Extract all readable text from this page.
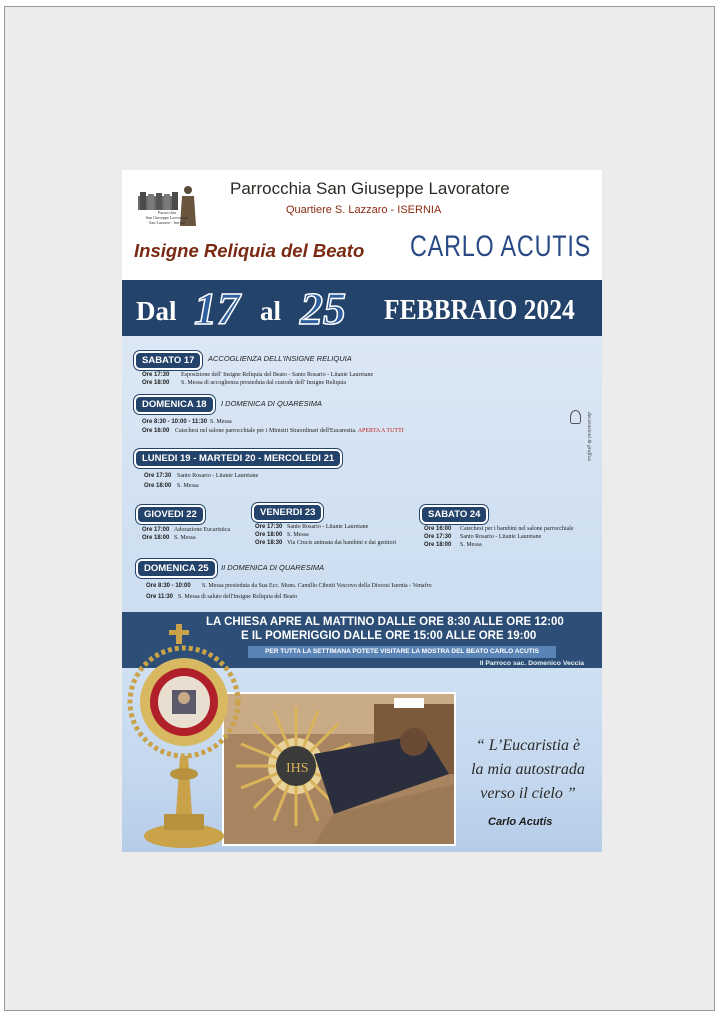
Parrocchia
San Giuseppe Lavoratore
San Lazzaro - Isernia
Parrocchia San Giuseppe Lavoratore
Quartiere S. Lazzaro - ISERNIA
Insigne Reliquia del Beato CARLO ACUTIS
Dal 17 al 25 FEBBRAIO 2024
SABATO 17	ACCOGLIENZA DELL'INSIGNE RELIQUIA
Ore 17:30 Esposizione dell' Insigne Reliquia del Beato - Santo Rosario - Litanie Lauretane
Ore 18:00 S. Messa di accoglienza presieduta dal custode dell' Insigne Reliquia
DOMENICA 18	I DOMENICA DI QUARESIMA
Ore 8:30 - 10:00 - 11:30 S. Messa
Ore 16:00 Catechesi nel salone parrocchiale per i Ministri Straordinari dell'Eucarestia. APERTA A TUTTI
LUNEDI 19 - MARTEDI 20 - MERCOLEDI 21
Ore 17:30 Santo Rosario - Litanie Lauretane
Ore 18:00 S. Messa
GIOVEDI 22
Ore 17:00 Adorazione Eucaristica
Ore 18:00 S. Messa
VENERDI 23
Ore 17:30 Santo Rosario - Litanie Lauretane
Ore 18:00 S. Messa
Ore 18:30 Via Crucis animata dai bambini e dai genitori
SABATO 24
Ore 16:00 Catechesi per i bambini nel salone parrocchiale
Ore 17:30 Santo Rosario - Litanie Lauretane
Ore 18:00 S. Messa
DOMENICA 25	II DOMENICA DI QUARESIMA
Ore 8:30 - 10:00 S. Messa presieduta da Sua Ecc. Mons. Camillo Cibotti Vescovo della Diocesi Isernia - Venafro
Ore 11:30 S. Messa di saluto dell'Insigne Reliquia del Beato
decorazioni & grafica
LA CHIESA APRE AL MATTINO DALLE ORE 8:30 ALLE ORE 12:00
E IL POMERIGGIO DALLE ORE 15:00 ALLE ORE 19:00
PER TUTTA LA SETTIMANA POTETE VISITARE LA MOSTRA DEL BEATO CARLO ACUTIS
Il Parroco sac. Domenico Veccia
IHS
“ L’Eucaristia è
la mia autostrada
verso il cielo ”
Carlo Acutis
